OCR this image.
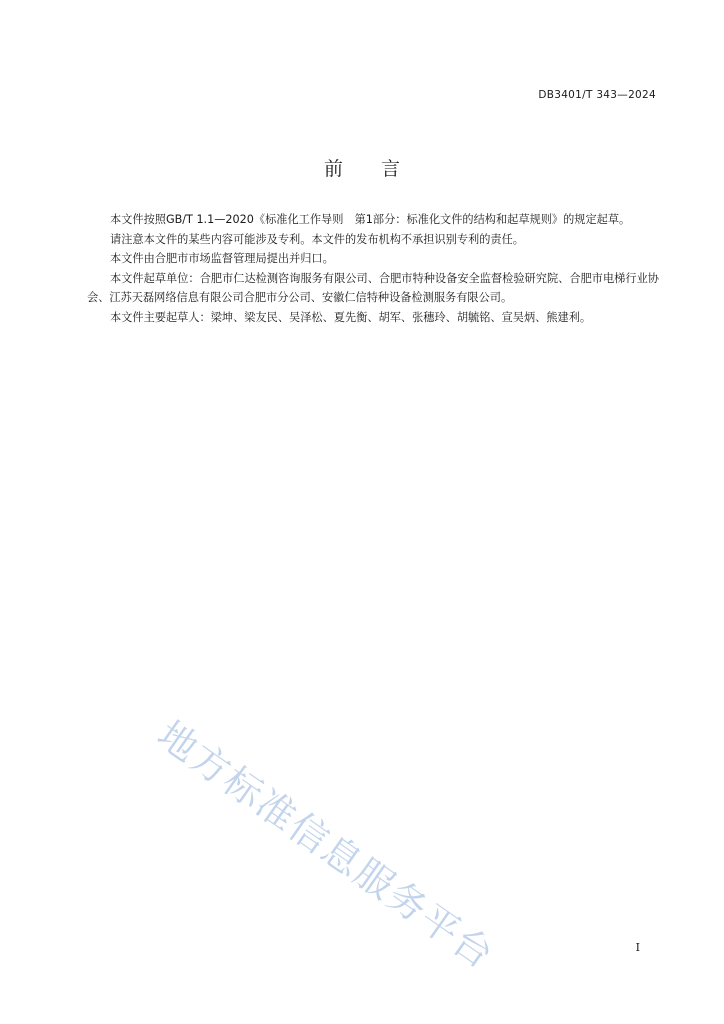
DB3401/T 343—2024
前 言

本文件按照GB/T 1.1—2020《标准化工作导则　第1部分：标准化文件的结构和起草规则》的规定起草。

请注意本文件的某些内容可能涉及专利。本文件的发布机构不承担识别专利的责任。

本文件由合肥市市场监督管理局提出并归口。

本文件起草单位：合肥市仁达检测咨询服务有限公司、合肥市特种设备安全监督检验研究院、合肥市电梯行业协会、江苏天磊网络信息有限公司合肥市分公司、安徽仁信特种设备检测服务有限公司。

本文件主要起草人：梁坤、梁友民、吴泽松、夏先衡、胡军、张穗玲、胡毓铭、宣吴炳、熊建利。

地方标准信息服务平台	I
